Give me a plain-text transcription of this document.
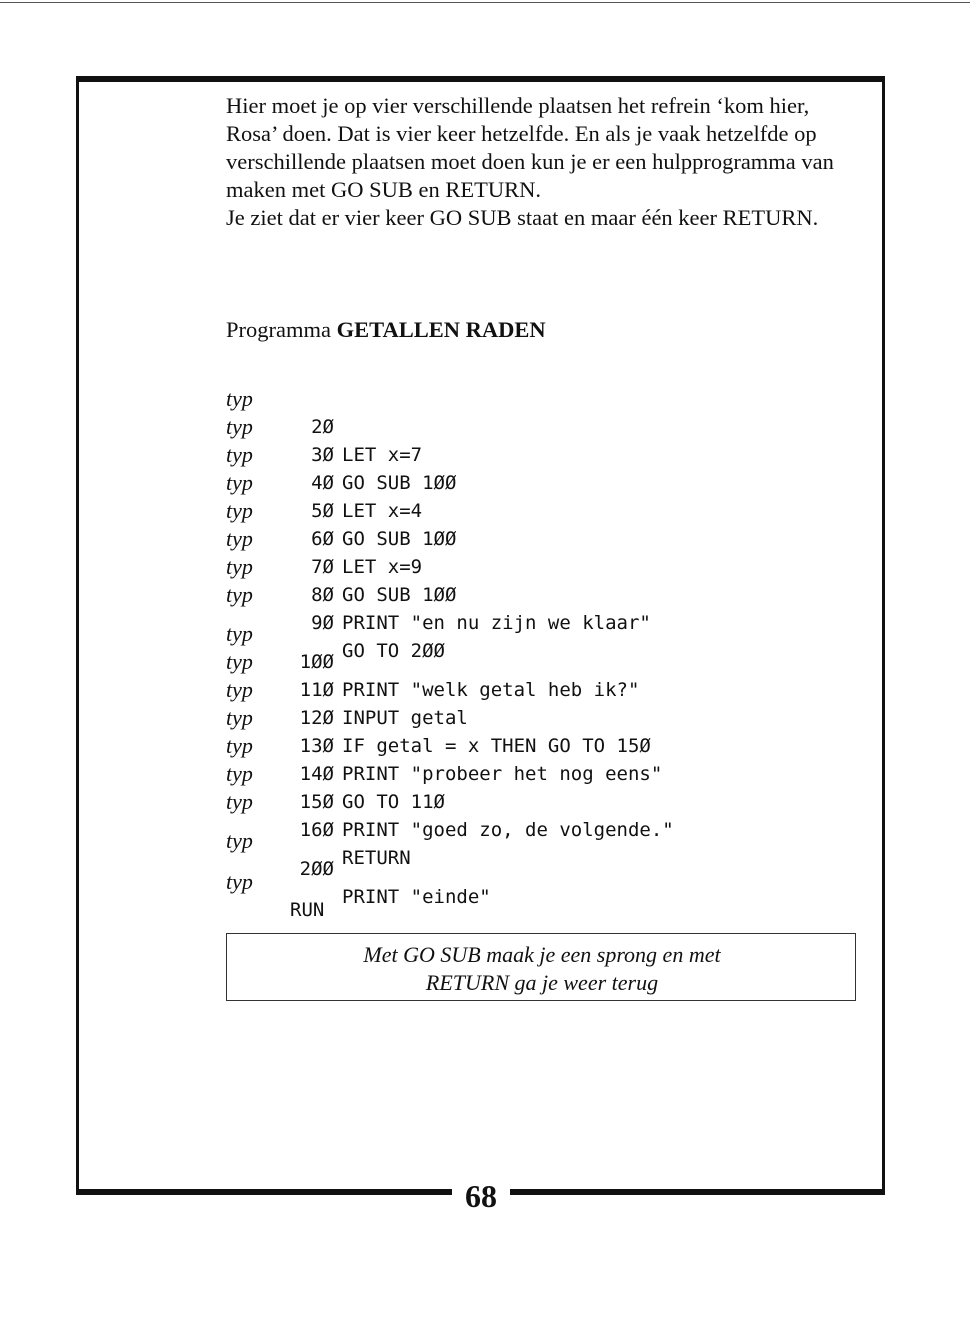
68

Hier moet je op vier verschillende plaatsen het refrein ‘kom hier, Rosa’ doen. Dat is vier keer hetzelfde. En als je vaak hetzelfde op verschillende plaatsen moet doen kun je er een hulpprogramma van maken met GO SUB en RETURN.

Je ziet dat er vier keer GO SUB staat en maar één keer RETURN.

Programma GETALLEN RADEN

typ

2Ø

LET x=7

typ

3Ø

GO SUB 1ØØ

typ

4Ø

LET x=4

typ

5Ø

GO SUB 1ØØ

typ

6Ø

LET x=9

typ

7Ø

GO SUB 1ØØ

typ

8Ø

PRINT "en nu zijn we klaar"

typ

9Ø

GO TO 2ØØ

typ

1ØØ

PRINT "welk getal heb ik?"

typ

11Ø

INPUT getal

typ

12Ø

IF getal = x THEN GO TO 15Ø

typ

13Ø

PRINT "probeer het nog eens"

typ

14Ø

GO TO 11Ø

typ

15Ø

PRINT "goed zo, de volgende."

typ

16Ø

RETURN

typ

2ØØ

PRINT "einde"

typ

RUN

Met GO SUB maak je een sprong en met
RETURN ga je weer terug
